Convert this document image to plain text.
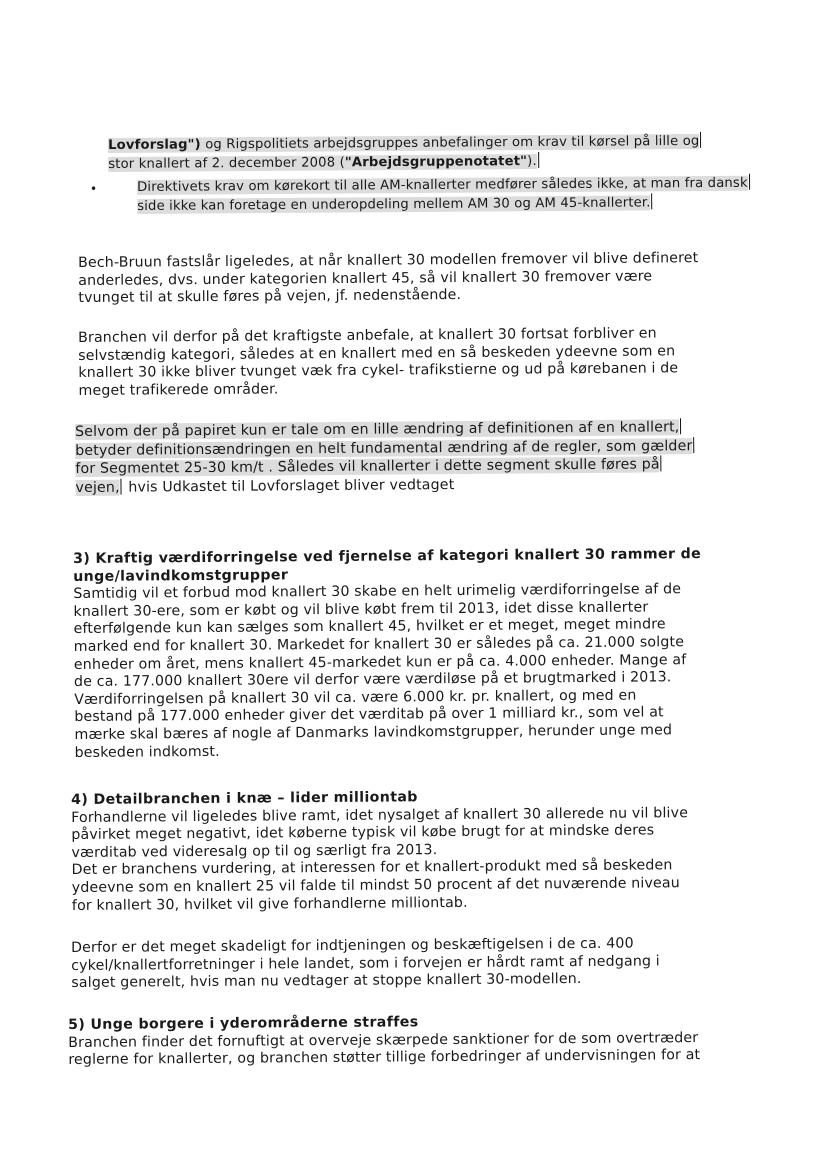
Lovforslag") og Rigspolitiets arbejdsgruppes anbefalinger om krav til kørsel på lille og
stor knallert af 2. december 2008 ("Arbejdsgruppenotatet").
•	Direktivets krav om kørekort til alle AM-knallerter medfører således ikke, at man fra dansk
side ikke kan foretage en underopdeling mellem AM 30 og AM 45-knallerter.
Bech-Bruun fastslår ligeledes, at når knallert 30 modellen fremover vil blive defineret
anderledes, dvs. under kategorien knallert 45, så vil knallert 30 fremover være
tvunget til at skulle føres på vejen, jf. nedenstående.
Branchen vil derfor på det kraftigste anbefale, at knallert 30 fortsat forbliver en
selvstændig kategori, således at en knallert med en så beskeden ydeevne som en
knallert 30 ikke bliver tvunget væk fra cykel- trafikstierne og ud på kørebanen i de
meget trafikerede områder.
Selvom der på papiret kun er tale om en lille ændring af definitionen af en knallert,
betyder definitionsændringen en helt fundamental ændring af de regler, som gælder
for Segmentet 25-30 km/t . Således vil knallerter i dette segment skulle føres på
vejen, hvis Udkastet til Lovforslaget bliver vedtaget
3) Kraftig værdiforringelse ved fjernelse af kategori knallert 30 rammer de
unge/lavindkomstgrupper
Samtidig vil et forbud mod knallert 30 skabe en helt urimelig værdiforringelse af de
knallert 30-ere, som er købt og vil blive købt frem til 2013, idet disse knallerter
efterfølgende kun kan sælges som knallert 45, hvilket er et meget, meget mindre
marked end for knallert 30. Markedet for knallert 30 er således på ca. 21.000 solgte
enheder om året, mens knallert 45-markedet kun er på ca. 4.000 enheder. Mange af
de ca. 177.000 knallert 30ere vil derfor være værdiløse på et brugtmarked i 2013.
Værdiforringelsen på knallert 30 vil ca. være 6.000 kr. pr. knallert, og med en
bestand på 177.000 enheder giver det værditab på over 1 milliard kr., som vel at
mærke skal bæres af nogle af Danmarks lavindkomstgrupper, herunder unge med
beskeden indkomst.
4) Detailbranchen i knæ – lider milliontab
Forhandlerne vil ligeledes blive ramt, idet nysalget af knallert 30 allerede nu vil blive
påvirket meget negativt, idet køberne typisk vil købe brugt for at mindske deres
værditab ved videresalg op til og særligt fra 2013.
Det er branchens vurdering, at interessen for et knallert-produkt med så beskeden
ydeevne som en knallert 25 vil falde til mindst 50 procent af det nuværende niveau
for knallert 30, hvilket vil give forhandlerne milliontab.
Derfor er det meget skadeligt for indtjeningen og beskæftigelsen i de ca. 400
cykel/knallertforretninger i hele landet, som i forvejen er hårdt ramt af nedgang i
salget generelt, hvis man nu vedtager at stoppe knallert 30-modellen.
5) Unge borgere i yderområderne straffes
Branchen finder det fornuftigt at overveje skærpede sanktioner for de som overtræder
reglerne for knallerter, og branchen støtter tillige forbedringer af undervisningen for at
